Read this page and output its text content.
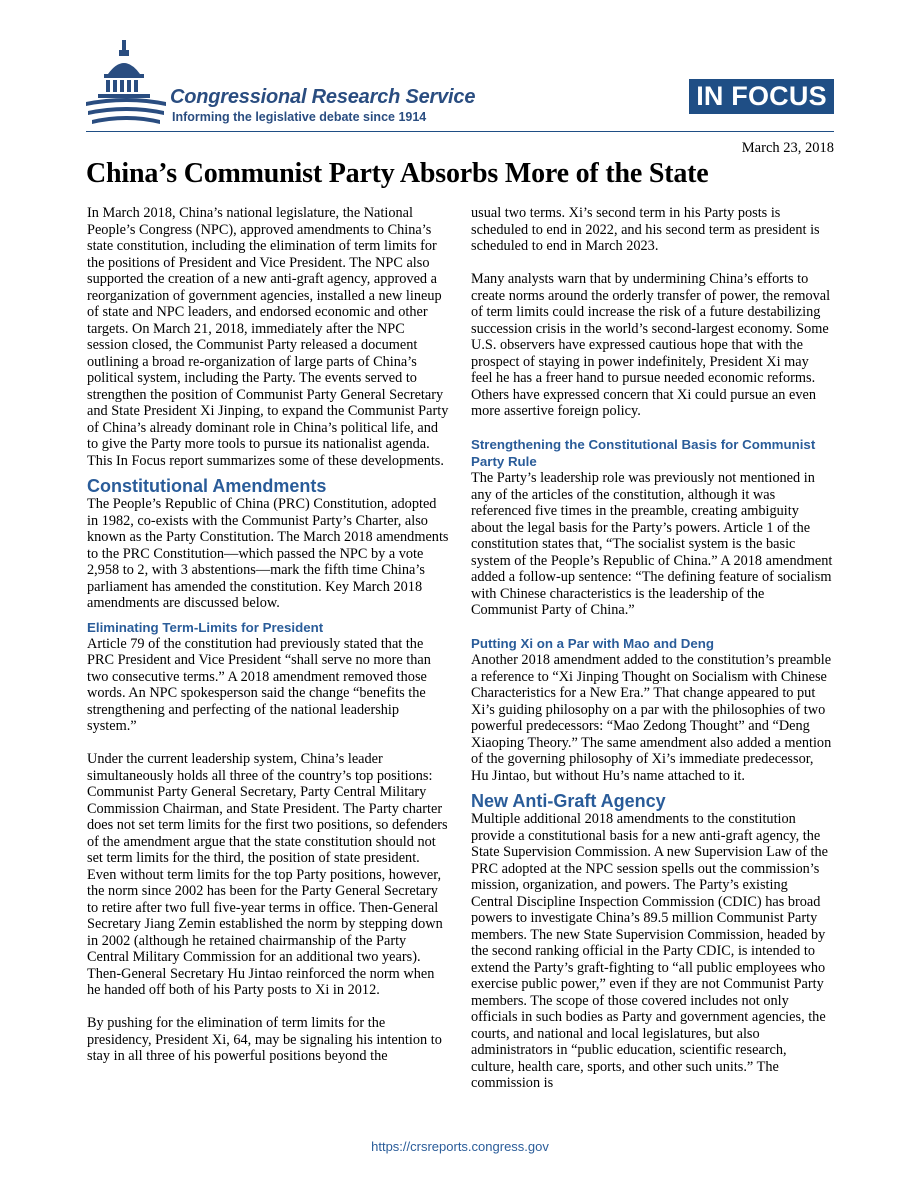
Congressional Research Service
Informing the legislative debate since 1914
IN FOCUS
March 23, 2018
China’s Communist Party Absorbs More of the State

In March 2018, China’s national legislature, the National People’s Congress (NPC), approved amendments to China’s state constitution, including the elimination of term limits for the positions of President and Vice President. The NPC also supported the creation of a new anti-graft agency, approved a reorganization of government agencies, installed a new lineup of state and NPC leaders, and endorsed economic and other targets. On March 21, 2018, immediately after the NPC session closed, the Communist Party released a document outlining a broad re-organization of large parts of China’s political system, including the Party. The events served to strengthen the position of Communist Party General Secretary and State President Xi Jinping, to expand the Communist Party of China’s already dominant role in China’s political life, and to give the Party more tools to pursue its nationalist agenda. This In Focus report summarizes some of these developments.

Constitutional Amendments

The People’s Republic of China (PRC) Constitution, adopted in 1982, co-exists with the Communist Party’s Charter, also known as the Party Constitution. The March 2018 amendments to the PRC Constitution—which passed the NPC by a vote 2,958 to 2, with 3 abstentions—mark the fifth time China’s parliament has amended the constitution. Key March 2018 amendments are discussed below.

Eliminating Term-Limits for President

Article 79 of the constitution had previously stated that the PRC President and Vice President “shall serve no more than two consecutive terms.” A 2018 amendment removed those words. An NPC spokesperson said the change “benefits the strengthening and perfecting of the national leadership system.”

Under the current leadership system, China’s leader simultaneously holds all three of the country’s top positions: Communist Party General Secretary, Party Central Military Commission Chairman, and State President. The Party charter does not set term limits for the first two positions, so defenders of the amendment argue that the state constitution should not set term limits for the third, the position of state president. Even without term limits for the top Party positions, however, the norm since 2002 has been for the Party General Secretary to retire after two full five-year terms in office. Then-General Secretary Jiang Zemin established the norm by stepping down in 2002 (although he retained chairmanship of the Party Central Military Commission for an additional two years). Then-General Secretary Hu Jintao reinforced the norm when he handed off both of his Party posts to Xi in 2012.

By pushing for the elimination of term limits for the presidency, President Xi, 64, may be signaling his intention to stay in all three of his powerful positions beyond the

usual two terms. Xi’s second term in his Party posts is scheduled to end in 2022, and his second term as president is scheduled to end in March 2023.

Many analysts warn that by undermining China’s efforts to create norms around the orderly transfer of power, the removal of term limits could increase the risk of a future destabilizing succession crisis in the world’s second-largest economy. Some U.S. observers have expressed cautious hope that with the prospect of staying in power indefinitely, President Xi may feel he has a freer hand to pursue needed economic reforms. Others have expressed concern that Xi could pursue an even more assertive foreign policy.

Strengthening the Constitutional Basis for Communist Party Rule

The Party’s leadership role was previously not mentioned in any of the articles of the constitution, although it was referenced five times in the preamble, creating ambiguity about the legal basis for the Party’s powers. Article 1 of the constitution states that, “The socialist system is the basic system of the People’s Republic of China.” A 2018 amendment added a follow-up sentence: “The defining feature of socialism with Chinese characteristics is the leadership of the Communist Party of China.”

Putting Xi on a Par with Mao and Deng

Another 2018 amendment added to the constitution’s preamble a reference to “Xi Jinping Thought on Socialism with Chinese Characteristics for a New Era.” That change appeared to put Xi’s guiding philosophy on a par with the philosophies of two powerful predecessors: “Mao Zedong Thought” and “Deng Xiaoping Theory.” The same amendment also added a mention of the governing philosophy of Xi’s immediate predecessor, Hu Jintao, but without Hu’s name attached to it.

New Anti-Graft Agency

Multiple additional 2018 amendments to the constitution provide a constitutional basis for a new anti-graft agency, the State Supervision Commission. A new Supervision Law of the PRC adopted at the NPC session spells out the commission’s mission, organization, and powers. The Party’s existing Central Discipline Inspection Commission (CDIC) has broad powers to investigate China’s 89.5 million Communist Party members. The new State Supervision Commission, headed by the second ranking official in the Party CDIC, is intended to extend the Party’s graft-fighting to “all public employees who exercise public power,” even if they are not Communist Party members. The scope of those covered includes not only officials in such bodies as Party and government agencies, the courts, and national and local legislatures, but also administrators in “public education, scientific research, culture, health care, sports, and other such units.” The commission is

https://crsreports.congress.gov
